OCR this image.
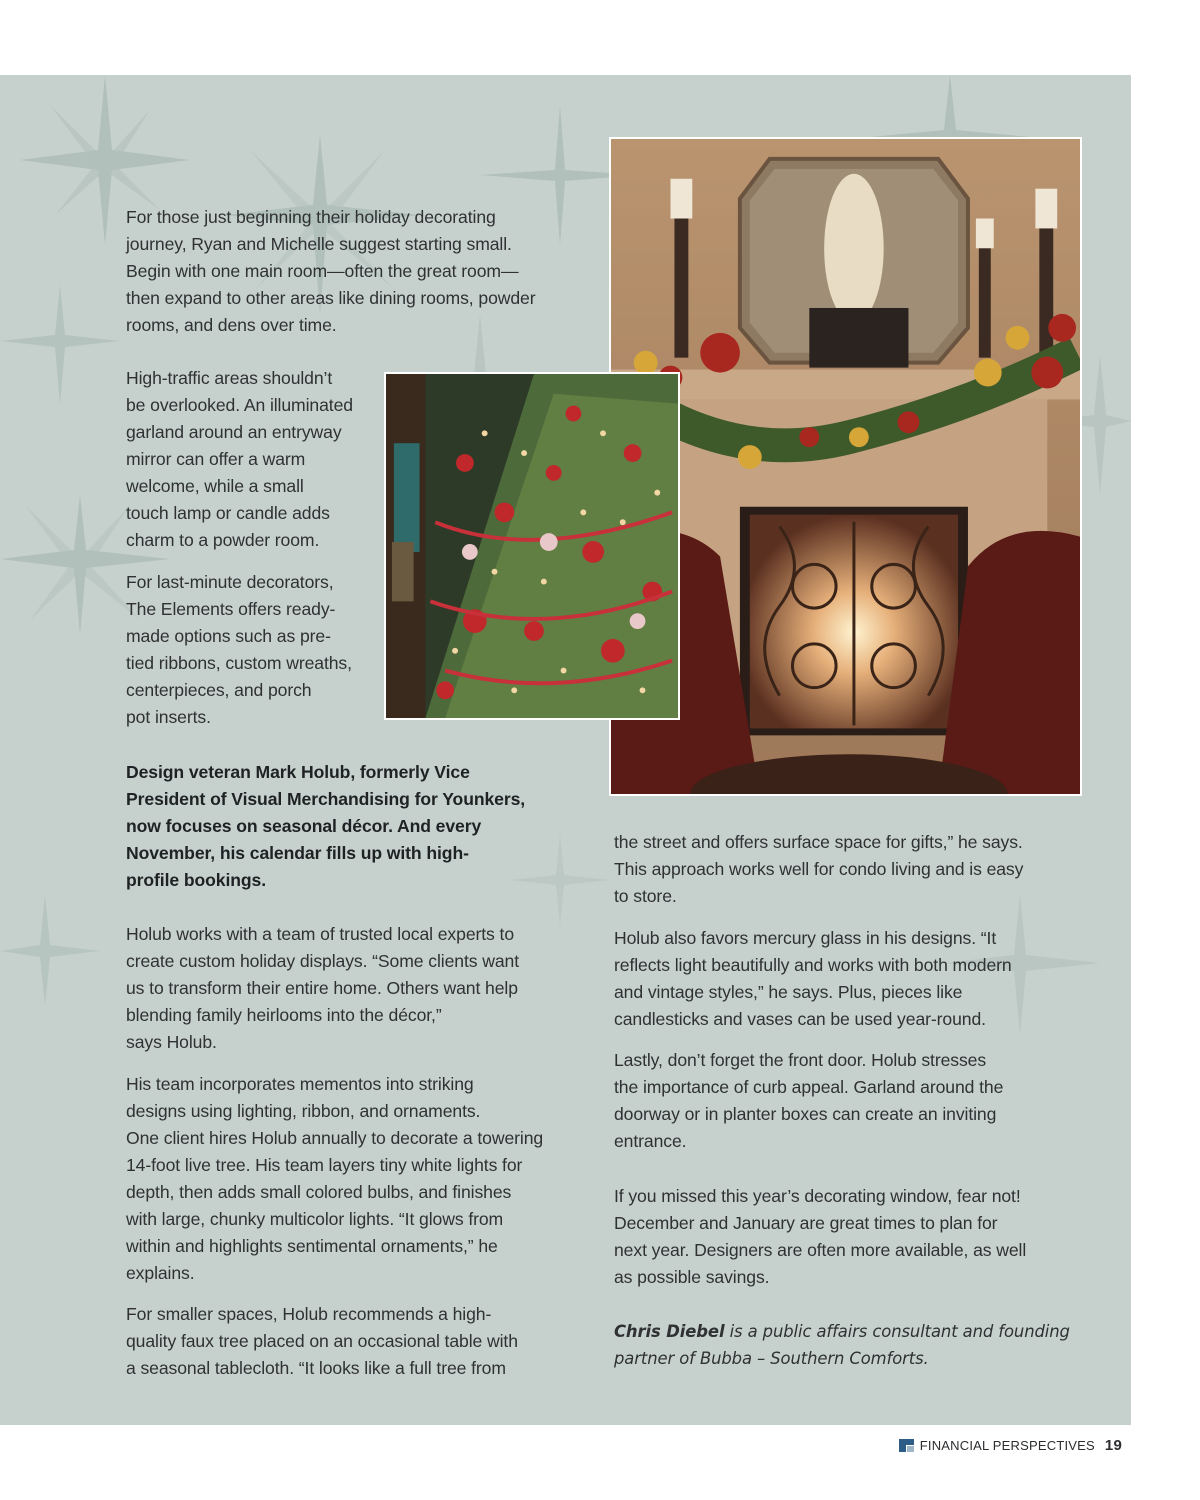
For those just beginning their holiday decorating

journey, Ryan and Michelle suggest starting small.

Begin with one main room—often the great room—

then expand to other areas like dining rooms, powder

rooms, and dens over time.

High-traffic areas shouldn’t

be overlooked. An illuminated

garland around an entryway

mirror can offer a warm

welcome, while a small

touch lamp or candle adds

charm to a powder room.

For last-minute decorators,

The Elements offers ready-

made options such as pre-

tied ribbons, custom wreaths,

centerpieces, and porch

pot inserts.

Design veteran Mark Holub, formerly Vice

President of Visual Merchandising for Younkers,

now focuses on seasonal décor. And every

November, his calendar fills up with high-

profile bookings.

Holub works with a team of trusted local experts to

create custom holiday displays. “Some clients want

us to transform their entire home. Others want help

blending family heirlooms into the décor,”

says Holub.

His team incorporates mementos into striking

designs using lighting, ribbon, and ornaments.

One client hires Holub annually to decorate a towering

14-foot live tree. His team layers tiny white lights for

depth, then adds small colored bulbs, and finishes

with large, chunky multicolor lights. “It glows from

within and highlights sentimental ornaments,” he

explains.

For smaller spaces, Holub recommends a high-

quality faux tree placed on an occasional table with

a seasonal tablecloth. “It looks like a full tree from

the street and offers surface space for gifts,” he says.

This approach works well for condo living and is easy

to store.

Holub also favors mercury glass in his designs. “It

reflects light beautifully and works with both modern

and vintage styles,” he says. Plus, pieces like

candlesticks and vases can be used year-round.

Lastly, don’t forget the front door. Holub stresses

the importance of curb appeal. Garland around the

doorway or in planter boxes can create an inviting

entrance.

If you missed this year’s decorating window, fear not!

December and January are great times to plan for

next year. Designers are often more available, as well

as possible savings.

Chris Diebel is a public affairs consultant and founding

partner of Bubba – Southern Comforts.

FINANCIAL PERSPECTIVES 19
